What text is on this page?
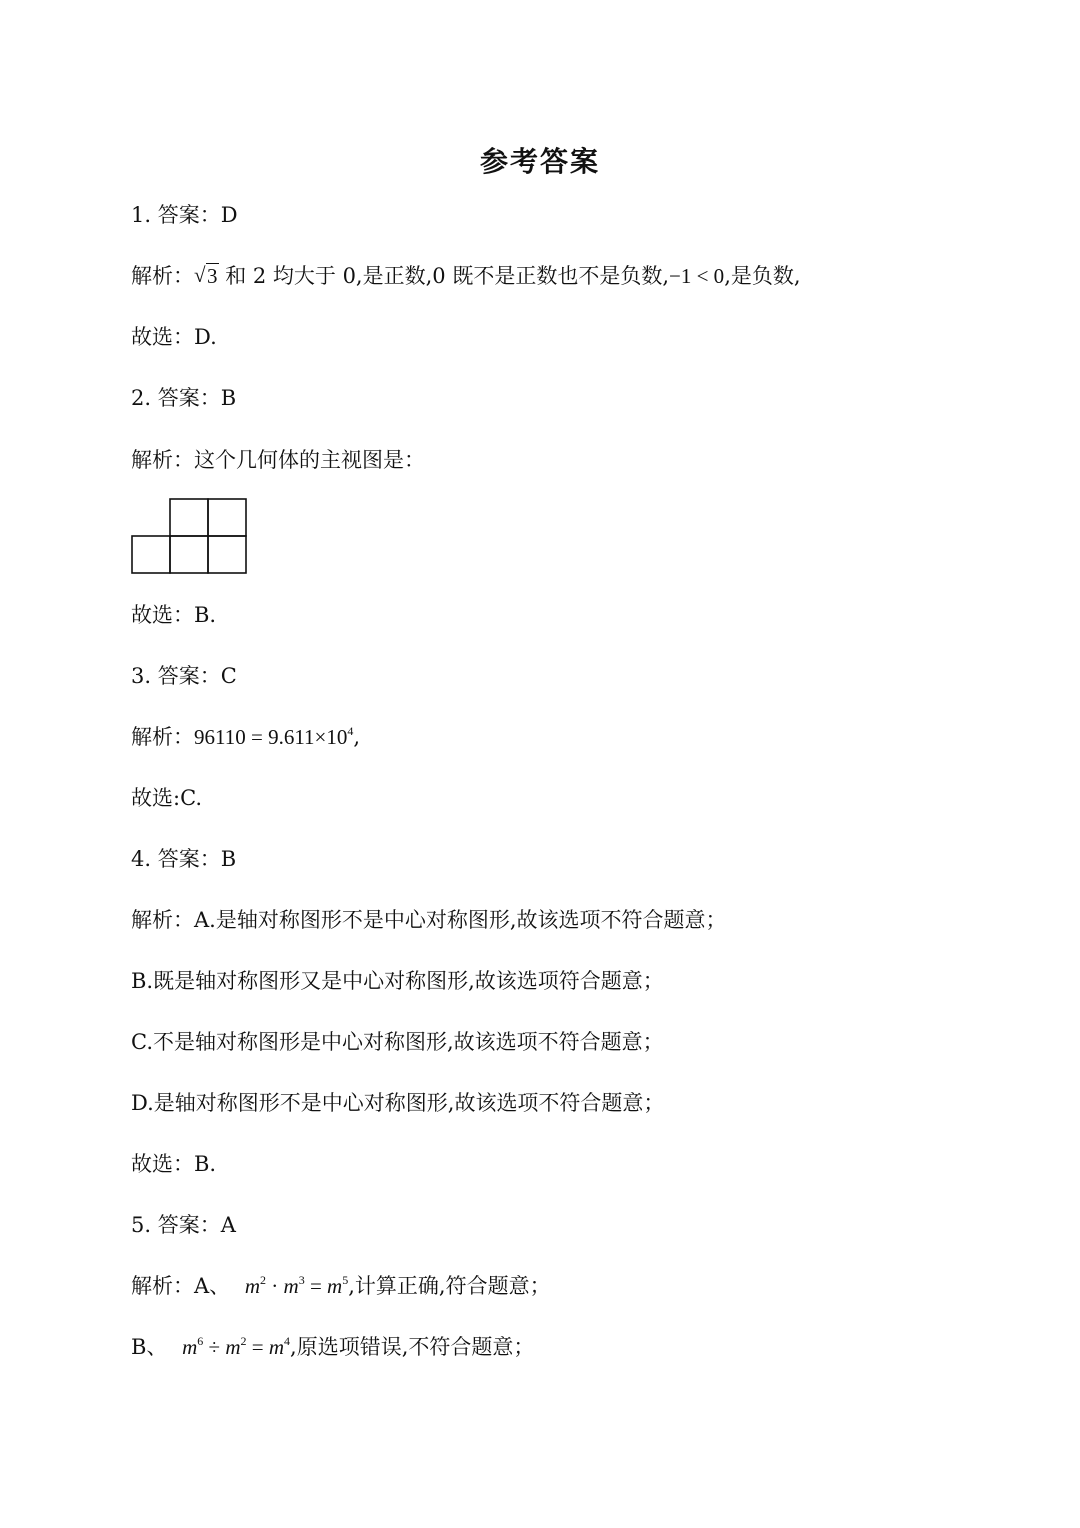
参考答案
1. 答案：D
解析： √ 3 和 2 均大于 0,是正数,0 既不是正数也不是负数,−1 < 0,是负数,
故选：D.
2. 答案：B
解析：这个几何体的主视图是：
故选：B.
3. 答案：C
解析：$96110 = 9.611\times 10^4$,
故选:C.
4. 答案：B
解析：A.是轴对称图形不是中心对称图形,故该选项不符合题意；
B.既是轴对称图形又是中心对称图形,故该选项符合题意；
C.不是轴对称图形是中心对称图形,故该选项不符合题意；
D.是轴对称图形不是中心对称图形,故该选项不符合题意；
故选：B.
5. 答案：A
解析：A、 $m^2 \cdot m^3 = m^5$,计算正确,符合题意；
B、 $m^6 \div m^2 = m^4$,原选项错误,不符合题意；
